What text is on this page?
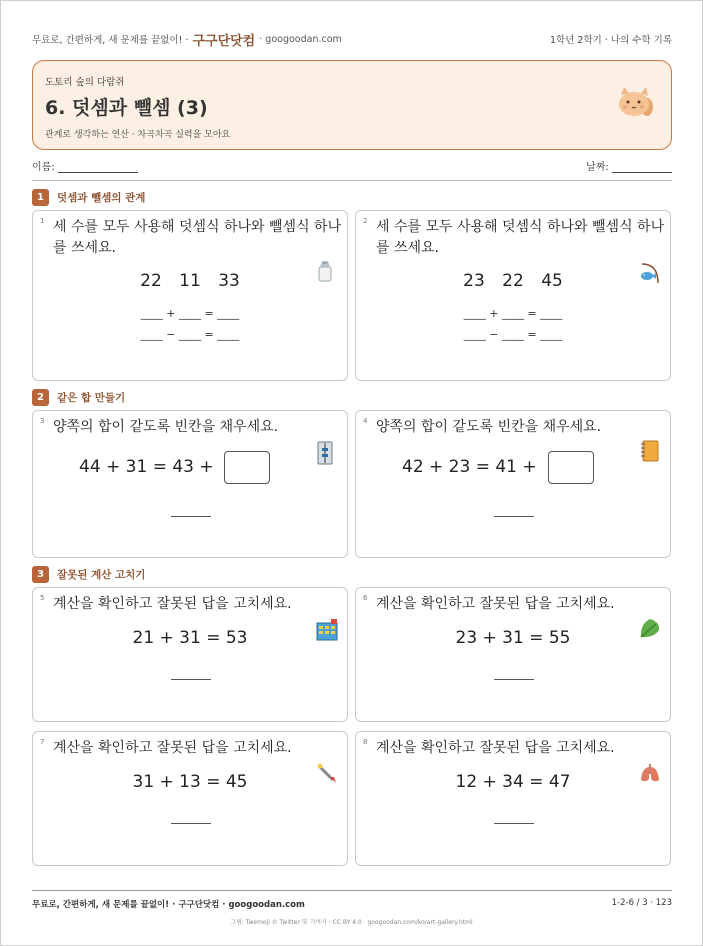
무료로, 간편하게, 새 문제를 끝없이! · 구구단닷컴 · googoodan.com	1학년 2학기 · 나의 수학 기록
도토리 숲의 다람쥐
6. 덧셈과 뺄셈 (3)
관계로 생각하는 연산 · 차곡차곡 실력을 모아요
이름:	날짜:
1	덧셈과 뺄셈의 관계
1 세 수를 모두 사용해 덧셈식 하나와 뺄셈식 하나를 쓰세요.
22 11 33
____ + ____ = ____
____ − ____ = ____
2 세 수를 모두 사용해 덧셈식 하나와 뺄셈식 하나를 쓰세요.
23 22 45
____ + ____ = ____
____ − ____ = ____
2	같은 합 만들기
3 양쪽의 합이 같도록 빈칸을 채우세요.
44 + 31 = 43 +
4 양쪽의 합이 같도록 빈칸을 채우세요.
42 + 23 = 41 +
3	잘못된 계산 고치기
5 계산을 확인하고 잘못된 답을 고치세요.
21 + 31 = 53
6 계산을 확인하고 잘못된 답을 고치세요.
23 + 31 = 55
7 계산을 확인하고 잘못된 답을 고치세요.
31 + 13 = 45
8 계산을 확인하고 잘못된 답을 고치세요.
12 + 34 = 47
무료로, 간편하게, 새 문제를 끝없이! · 구구단닷컴 · googoodan.com	1-2-6 / 3 · 123
그림: Twemoji © Twitter 및 기여자 · CC BY 4.0 · googoodan.com/ko/art-gallery.html
